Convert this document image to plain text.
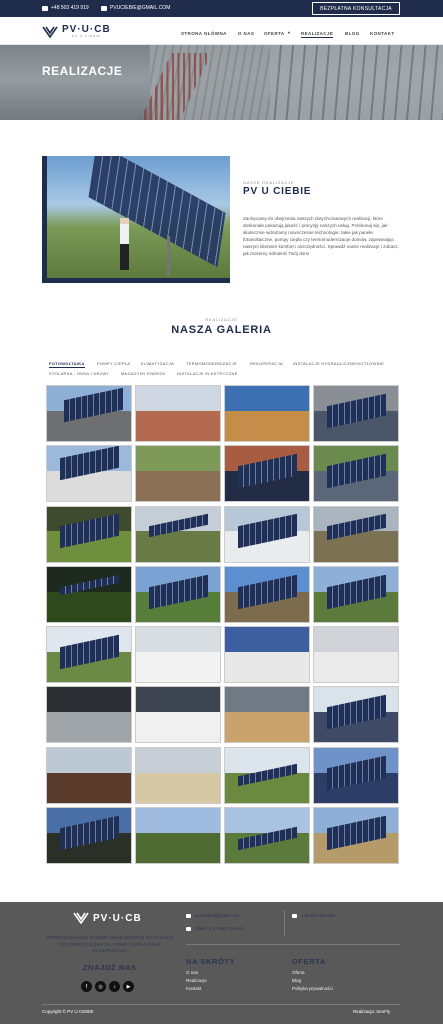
+48 503 419 919	PVUCIEBIE@GMAIL.COM	BEZPŁATNA KONSULTACJA
PV·U·CB
PV U CIEBIE	STRONA GŁÓWNA O NAS OFERTA ▾ REALIZACJE	BLOG KONTAKT
REALIZACJE
NASZE REALIZACJE
PV U CIEBIE
Zachęcamy do obejrzenia naszych dotychczasowych realizacji, które doskonale pokazują jakość i precyzję naszych usług. Przekonaj się, jak skutecznie wdrażamy nowoczesne technologie, takie jak panele fotowoltaiczne, pompy ciepła czy termomodernizacje domów, zapewniając naszym klientom komfort i oszczędności. Sprawdź nasze realizacje i zobacz, jak możemy odmienić Twój dom!
REALIZACJE
NASZA GALERIA
FOTOWOLTAIKA	POMPY CIEPŁA	KLIMATYZACJA	TERMOMODERNIZACJE	REKUPERACJA	INSTALACJE HYDRAULICZNE/KOTŁOWNIE
STOLARKA - OKNA I DRZWI	MAGAZYNY ENERGII	INSTALACJE ELEKTRYCZNE
PV·U·CB
PROFESJONALNY DOBÓR ORAZ MONTAŻ INSTALACJI FOTOWOLTAICZNYCH, POMP CIEPŁA ORAZ KLIMATYZACJI
ZNAJDŹ NAS
f	◎	♪	▶
pvuciebie@gmail.com
Filipki 1, 87-850 Choceń
+48 503 419 919
NA SKRÓTY
O nas
Realizacje
Kontakt
OFERTA
Oferta
Blog
Polityka prywatności
Copyright © PV U CIEBIE	Realizacja: SeoFly
